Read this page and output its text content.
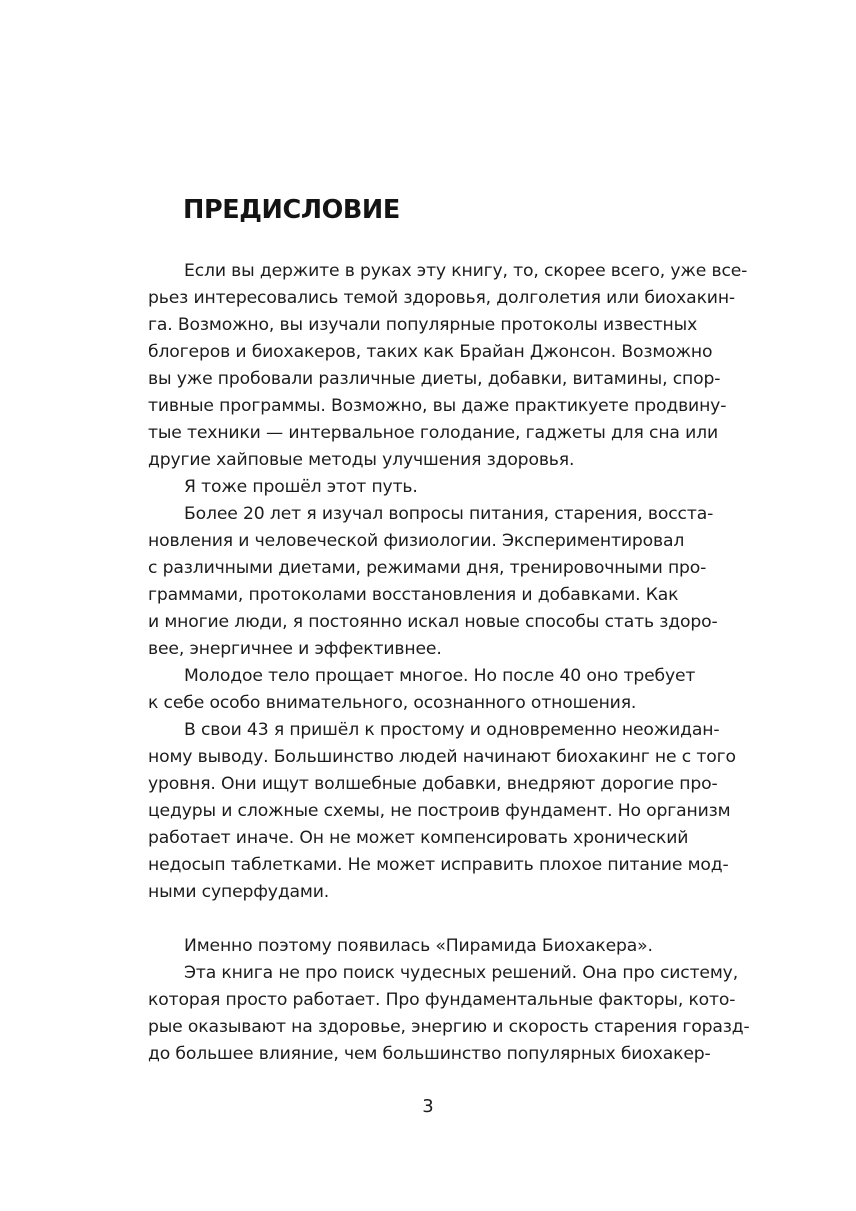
ПРЕДИСЛОВИЕ

Если вы держите в руках эту книгу, то, скорее всего, уже все-

рьез интересовались темой здоровья, долголетия или биохакин-

га. Возможно, вы изучали популярные протоколы известных

блогеров и биохакеров, таких как Брайан Джонсон. Возможно

вы уже пробовали различные диеты, добавки, витамины, спор-

тивные программы. Возможно, вы даже практикуете продвину-

тые техники — интервальное голодание, гаджеты для сна или

другие хайповые методы улучшения здоровья.

Я тоже прошёл этот путь.

Более 20 лет я изучал вопросы питания, старения, восста-

новления и человеческой физиологии. Экспериментировал

с различными диетами, режимами дня, тренировочными про-

граммами, протоколами восстановления и добавками. Как

и многие люди, я постоянно искал новые способы стать здоро-

вее, энергичнее и эффективнее.

Молодое тело прощает многое. Но после 40 оно требует

к себе особо внимательного, осознанного отношения.

В свои 43 я пришёл к простому и одновременно неожидан-

ному выводу. Большинство людей начинают биохакинг не с того

уровня. Они ищут волшебные добавки, внедряют дорогие про-

цедуры и сложные схемы, не построив фундамент. Но организм

работает иначе. Он не может компенсировать хронический

недосып таблетками. Не может исправить плохое питание мод-

ными суперфудами.

Именно поэтому появилась «Пирамида Биохакера».

Эта книга не про поиск чудесных решений. Она про систему,

которая просто работает. Про фундаментальные факторы, кото-

рые оказывают на здоровье, энергию и скорость старения горазд-

до большее влияние, чем большинство популярных биохакер-

3
